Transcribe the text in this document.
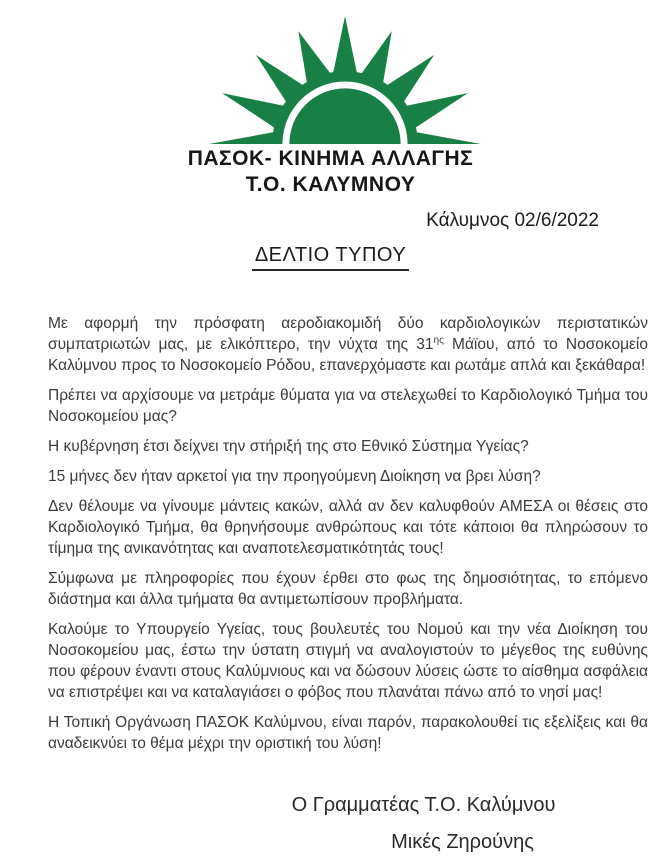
ΠΑΣΟΚ- ΚΙΝΗΜΑ ΑΛΛΑΓΗΣ
Τ.Ο. ΚΑΛΥΜΝΟΥ
Κάλυμνος 02/6/2022
ΔΕΛΤΙΟ ΤΥΠΟΥ

Με αφορμή την πρόσφατη αεροδιακομιδή δύο καρδιολογικών περιστατικών συμπατριωτών μας, με ελικόπτερο, την νύχτα της $31^{\eta\varsigma}$ Μάϊου, από το Νοσοκομείο Καλύμνου προς το Νοσοκομείο Ρόδου, επανερχόμαστε και ρωτάμε απλά και ξεκάθαρα!

Πρέπει να αρχίσουμε να μετράμε θύματα για να στελεχωθεί το Καρδιολογικό Τμήμα του Νοσοκομείου μας?

Η κυβέρνηση έτσι δείχνει την στήριξή της στο Εθνικό Σύστημα Υγείας?

15 μήνες δεν ήταν αρκετοί για την προηγούμενη Διοίκηση να βρει λύση?

Δεν θέλουμε να γίνουμε μάντεις κακών, αλλά αν δεν καλυφθούν ΑΜΕΣΑ οι θέσεις στο Καρδιολογικό Τμήμα, θα θρηνήσουμε ανθρώπους και τότε κάποιοι θα πληρώσουν το τίμημα της ανικανότητας και αναποτελεσματικότητάς τους!

Σύμφωνα με πληροφορίες που έχουν έρθει στο φως της δημοσιότητας, το επόμενο διάστημα και άλλα τμήματα θα αντιμετωπίσουν προβλήματα.

Καλούμε το Υπουργείο Υγείας, τους βουλευτές του Νομού και την νέα Διοίκηση του Νοσοκομείου μας, έστω την ύστατη στιγμή να αναλογιστούν το μέγεθος της ευθύνης που φέρουν έναντι στους Καλύμνιους και να δώσουν λύσεις ώστε το αίσθημα ασφάλεια να επιστρέψει και να καταλαγιάσει ο φόβος που πλανάται πάνω από το νησί μας!

Η Τοπική Οργάνωση ΠΑΣΟΚ Καλύμνου, είναι παρόν, παρακολουθεί τις εξελίξεις και θα αναδεικνύει το θέμα μέχρι την οριστική του λύση!

Ο Γραμματέας Τ.Ο. Καλύμνου
Μικές Ζηρούνης
